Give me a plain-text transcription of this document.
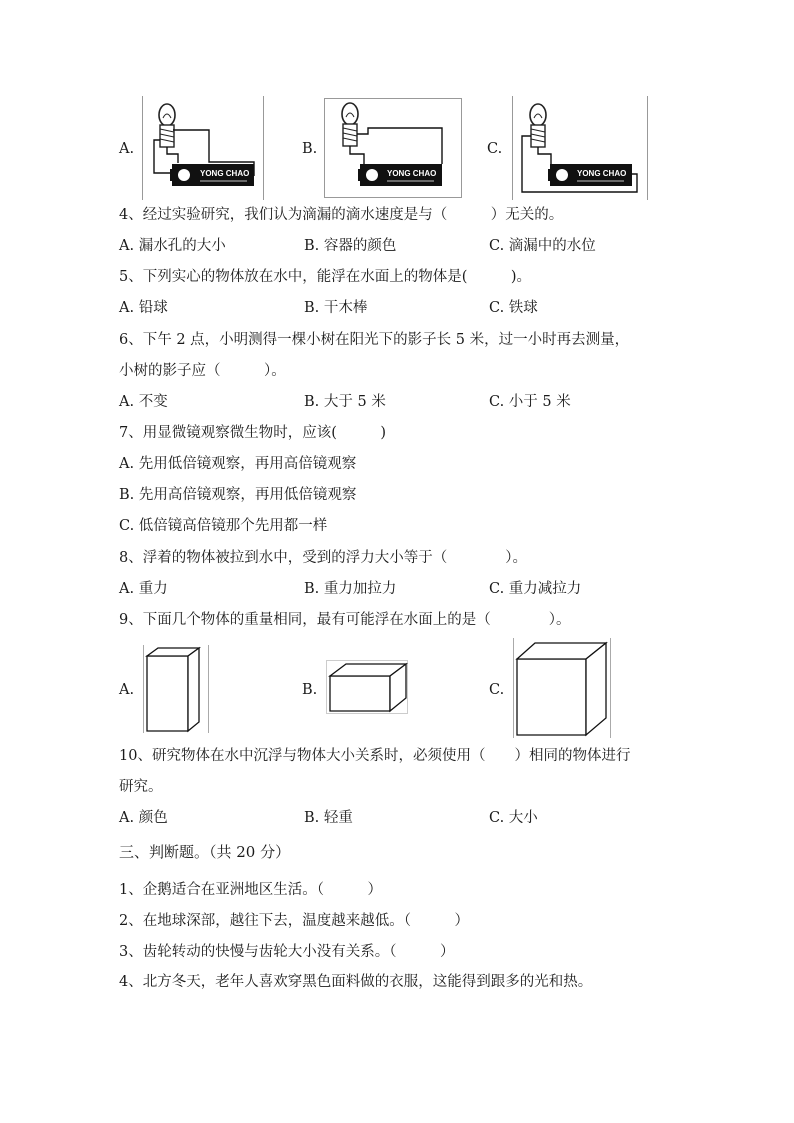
A.
YONG CHAO
B.
YONG CHAO
C.
YONG CHAO
4、经过实验研究，我们认为滴漏的滴水速度是与（　　　）无关的。
A. 漏水孔的大小	B. 容器的颜色	C. 滴漏中的水位
5、下列实心的物体放在水中，能浮在水面上的物体是(　　　)。
A. 铅球	B. 干木棒	C. 铁球
6、下午 2 点，小明测得一棵小树在阳光下的影子长 5 米，过一小时再去测量，
小树的影子应（　　　）。
A. 不变	B. 大于 5 米	C. 小于 5 米
7、用显微镜观察微生物时，应该(　　　)
A. 先用低倍镜观察，再用高倍镜观察
B. 先用高倍镜观察，再用低倍镜观察
C. 低倍镜高倍镜那个先用都一样
8、浮着的物体被拉到水中，受到的浮力大小等于（　　　　）。
A. 重力	B. 重力加拉力	C. 重力减拉力
9、下面几个物体的重量相同，最有可能浮在水面上的是（　　　　）。
A.	B.	C.
10、研究物体在水中沉浮与物体大小关系时，必须使用（　　）相同的物体进行
研究。
A. 颜色	B. 轻重	C. 大小
三、判断题。（共 20 分）
1、企鹅适合在亚洲地区生活。（　　　）
2、在地球深部，越往下去，温度越来越低。（　　　）
3、齿轮转动的快慢与齿轮大小没有关系。（　　　）
4、北方冬天，老年人喜欢穿黑色面料做的衣服，这能得到跟多的光和热。
